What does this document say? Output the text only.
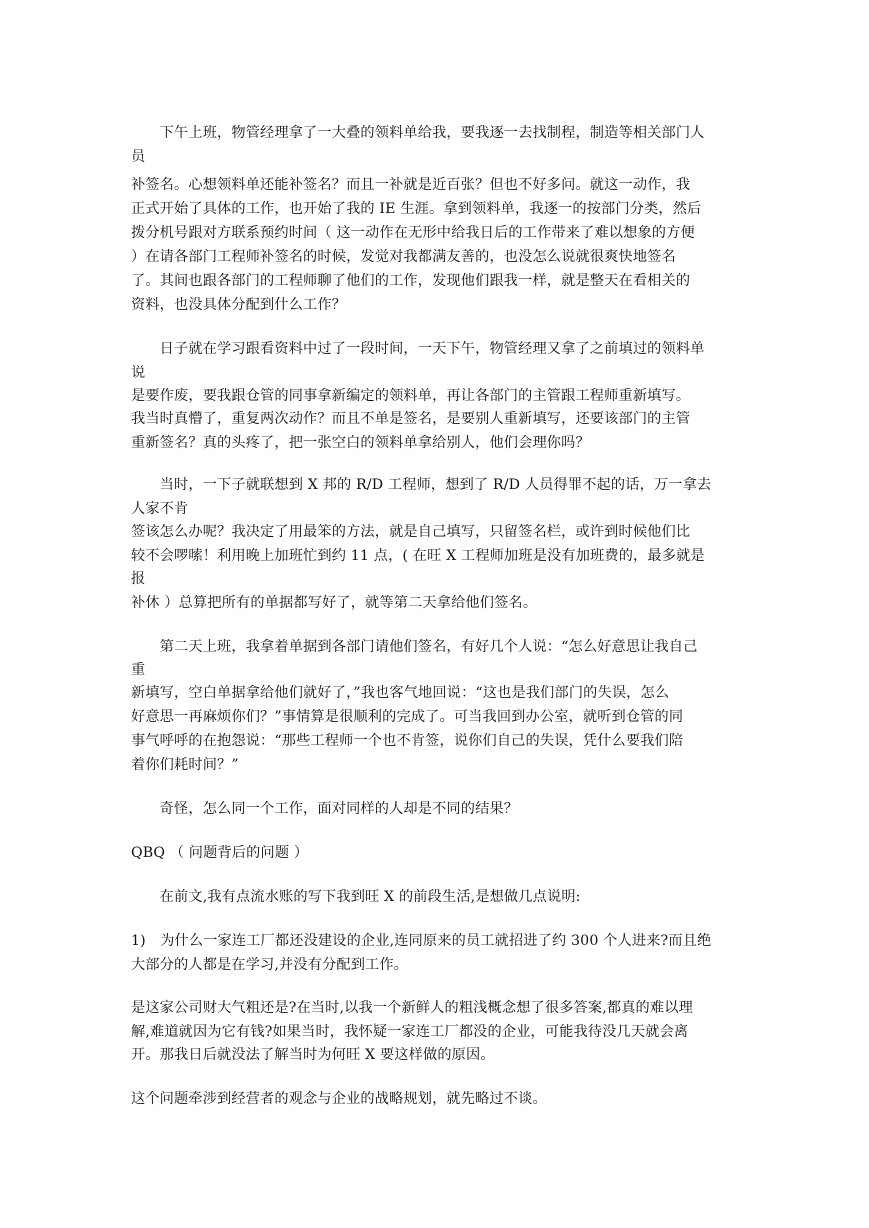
　　下午上班，物管经理拿了一大叠的领料单给我，要我逐一去找制程，制造等相关部门人
员
补签名。心想领料单还能补签名？而且一补就是近百张？但也不好多问。就这一动作，我
正式开始了具体的工作，也开始了我的 IE 生涯。拿到领料单，我逐一的按部门分类，然后
拨分机号跟对方联系预约时间（ 这一动作在无形中给我日后的工作带来了难以想象的方便
）在请各部门工程师补签名的时候，发觉对我都满友善的，也没怎么说就很爽快地签名
了。其间也跟各部门的工程师聊了他们的工作，发现他们跟我一样，就是整天在看相关的
资料，也没具体分配到什么工作？
　　日子就在学习跟看资料中过了一段时间，一天下午，物管经理又拿了之前填过的领料单
说
是要作废，要我跟仓管的同事拿新编定的领料单，再让各部门的主管跟工程师重新填写。
我当时真懵了，重复两次动作？而且不单是签名，是要别人重新填写，还要该部门的主管
重新签名？真的头疼了，把一张空白的领料单拿给别人，他们会理你吗？
　　当时，一下子就联想到 X 邦的 R/D 工程师，想到了 R/D 人员得罪不起的话，万一拿去
人家不肯
签该怎么办呢？我决定了用最笨的方法，就是自己填写，只留签名栏，或许到时候他们比
较不会啰嗦！利用晚上加班忙到约 11 点，( 在旺 X 工程师加班是没有加班费的，最多就是
报
补休 ）总算把所有的单据都写好了，就等第二天拿给他们签名。
　　第二天上班，我拿着单据到各部门请他们签名，有好几个人说：“怎么好意思让我自己
重
新填写，空白单据拿给他们就好了，”我也客气地回说：“这也是我们部门的失误，怎么
好意思一再麻烦你们？”事情算是很顺利的完成了。可当我回到办公室，就听到仓管的同
事气呼呼的在抱怨说：“那些工程师一个也不肯签，说你们自己的失误，凭什么要我们陪
着你们耗时间？”
　　奇怪，怎么同一个工作，面对同样的人却是不同的结果？
QBQ （ 问题背后的问题 ）
　　在前文,我有点流水账的写下我到旺 X 的前段生活,是想做几点说明:
1)　为什么一家连工厂都还没建设的企业,连同原来的员工就招进了约 300 个人进来?而且绝
大部分的人都是在学习,并没有分配到工作。
是这家公司财大气粗还是?在当时,以我一个新鲜人的粗浅概念想了很多答案,都真的难以理
解,难道就因为它有钱?如果当时，我怀疑一家连工厂都没的企业，可能我待没几天就会离
开。那我日后就没法了解当时为何旺 X 要这样做的原因。
这个问题牵涉到经营者的观念与企业的战略规划，就先略过不谈。
